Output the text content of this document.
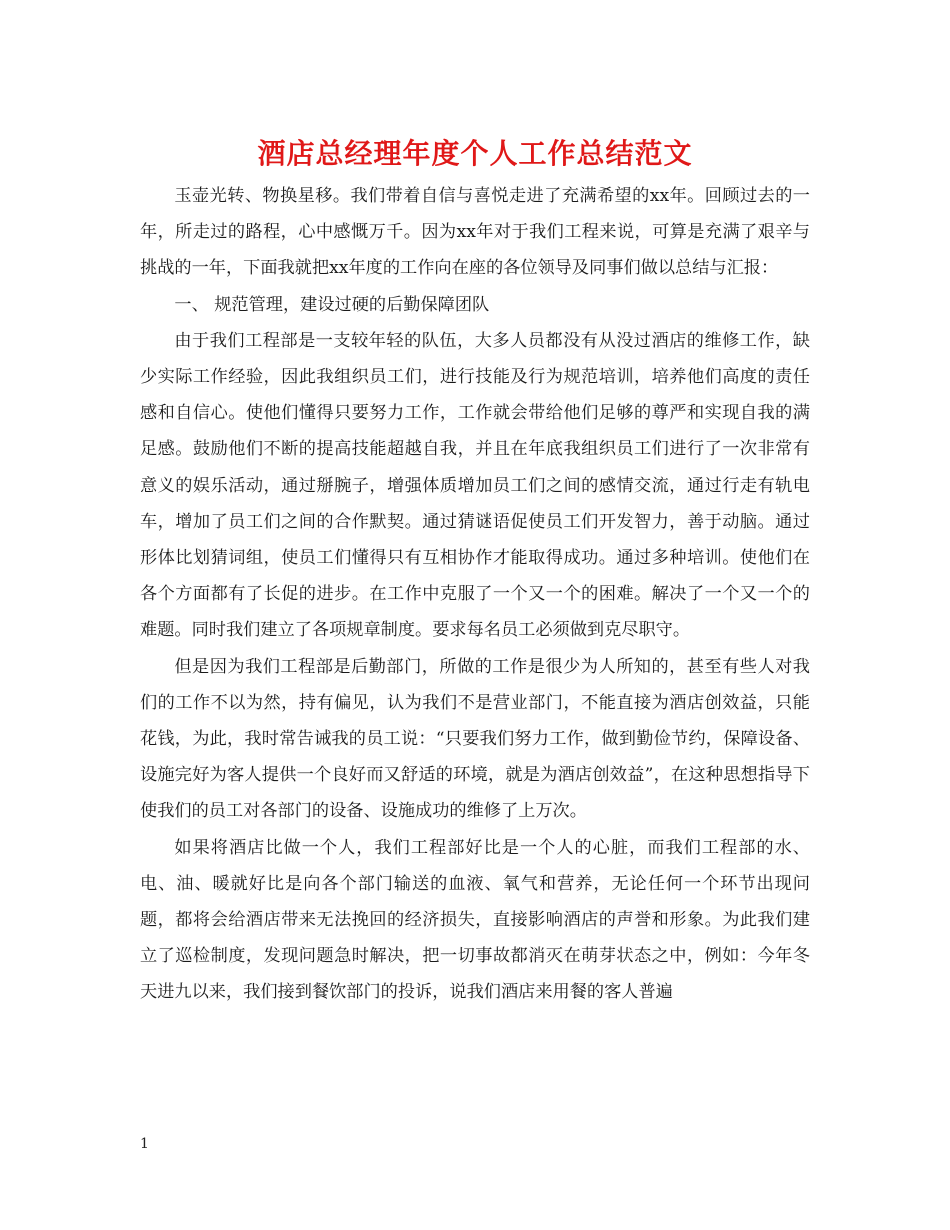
酒店总经理年度个人工作总结范文

玉壶光转、物换星移。我们带着自信与喜悦走进了充满希望的xx年。回顾过去的一年，所走过的路程，心中感慨万千。因为xx年对于我们工程来说，可算是充满了艰辛与挑战的一年，下面我就把xx年度的工作向在座的各位领导及同事们做以总结与汇报：

一、 规范管理，建设过硬的后勤保障团队

由于我们工程部是一支较年轻的队伍，大多人员都没有从没过酒店的维修工作，缺少实际工作经验，因此我组织员工们，进行技能及行为规范培训，培养他们高度的责任感和自信心。使他们懂得只要努力工作，工作就会带给他们足够的尊严和实现自我的满足感。鼓励他们不断的提高技能超越自我，并且在年底我组织员工们进行了一次非常有意义的娱乐活动，通过掰腕子，增强体质增加员工们之间的感情交流，通过行走有轨电车，增加了员工们之间的合作默契。通过猜谜语促使员工们开发智力，善于动脑。通过形体比划猜词组，使员工们懂得只有互相协作才能取得成功。通过多种培训。使他们在各个方面都有了长促的进步。在工作中克服了一个又一个的困难。解决了一个又一个的难题。同时我们建立了各项规章制度。要求每名员工必须做到克尽职守。

但是因为我们工程部是后勤部门，所做的工作是很少为人所知的，甚至有些人对我们的工作不以为然，持有偏见，认为我们不是营业部门，不能直接为酒店创效益，只能花钱，为此，我时常告诫我的员工说：“只要我们努力工作，做到勤俭节约，保障设备、设施完好为客人提供一个良好而又舒适的环境，就是为酒店创效益”，在这种思想指导下使我们的员工对各部门的设备、设施成功的维修了上万次。

如果将酒店比做一个人，我们工程部好比是一个人的心脏，而我们工程部的水、电、油、暖就好比是向各个部门输送的血液、氧气和营养，无论任何一个环节出现问题，都将会给酒店带来无法挽回的经济损失，直接影响酒店的声誉和形象。为此我们建立了巡检制度，发现问题急时解决，把一切事故都消灭在萌芽状态之中，例如：今年冬天进九以来，我们接到餐饮部门的投诉，说我们酒店来用餐的客人普遍

1
